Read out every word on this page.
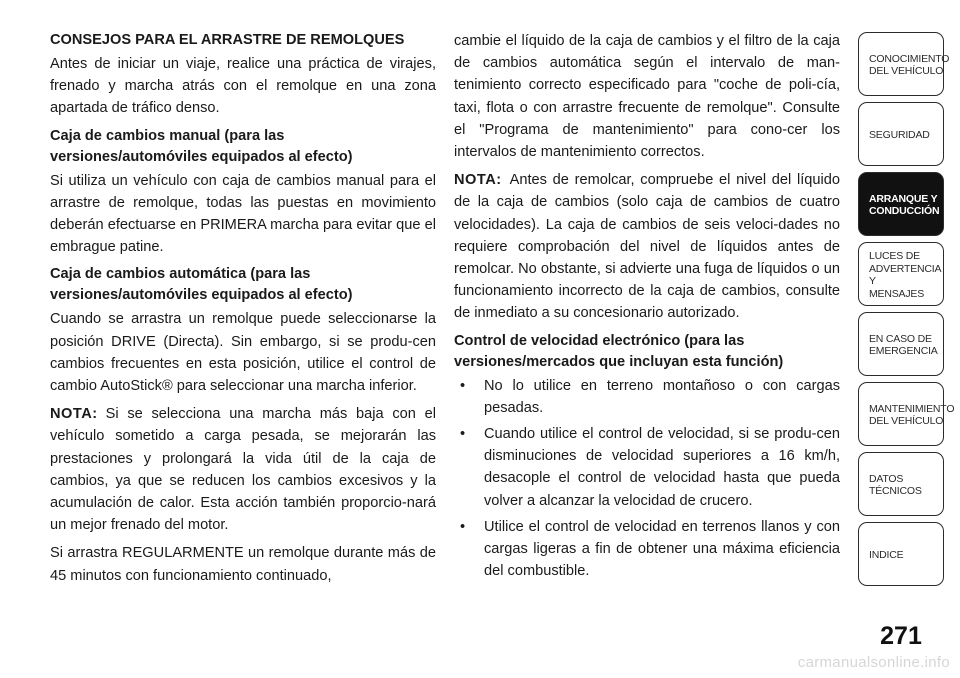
CONSEJOS PARA EL ARRASTRE DE REMOLQUES

Antes de iniciar un viaje, realice una práctica de virajes, frenado y marcha atrás con el remolque en una zona apartada de tráfico denso.

Caja de cambios manual (para las versiones/automóviles equipados al efecto)

Si utiliza un vehículo con caja de cambios manual para el arrastre de remolque, todas las puestas en movimiento deberán efectuarse en PRIMERA marcha para evitar que el embrague patine.

Caja de cambios automática (para las versiones/automóviles equipados al efecto)

Cuando se arrastra un remolque puede seleccionarse la posición DRIVE (Directa). Sin embargo, si se produ-cen cambios frecuentes en esta posición, utilice el control de cambio AutoStick® para seleccionar una marcha inferior.

NOTA: Si se selecciona una marcha más baja con el vehículo sometido a carga pesada, se mejorarán las prestaciones y prolongará la vida útil de la caja de cambios, ya que se reducen los cambios excesivos y la acumulación de calor. Esta acción también proporcio-nará un mejor frenado del motor.

Si arrastra REGULARMENTE un remolque durante más de 45 minutos con funcionamiento continuado,

cambie el líquido de la caja de cambios y el filtro de la caja de cambios automática según el intervalo de man-tenimiento correcto especificado para "coche de poli-cía, taxi, flota o con arrastre frecuente de remolque". Consulte el "Programa de mantenimiento" para cono-cer los intervalos de mantenimiento correctos.

NOTA: Antes de remolcar, compruebe el nivel del líquido de la caja de cambios (solo caja de cambios de cuatro velocidades). La caja de cambios de seis veloci-dades no requiere comprobación del nivel de líquidos antes de remolcar. No obstante, si advierte una fuga de líquidos o un funcionamiento incorrecto de la caja de cambios, consulte de inmediato a su concesionario autorizado.

Control de velocidad electrónico (para las versiones/mercados que incluyan esta función)
• No lo utilice en terreno montañoso o con cargas pesadas.
• Cuando utilice el control de velocidad, si se produ-cen disminuciones de velocidad superiores a 16 km/h, desacople el control de velocidad hasta que pueda volver a alcanzar la velocidad de crucero.
• Utilice el control de velocidad en terrenos llanos y con cargas ligeras a fin de obtener una máxima eficiencia del combustible.
CONOCIMIENTO
DEL VEHÍCULO
SEGURIDAD
ARRANQUE Y
CONDUCCIÓN
LUCES DE
ADVERTENCIA Y
MENSAJES
EN CASO DE
EMERGENCIA
MANTENIMIENTO
DEL VEHÍCULO
DATOS
TÉCNICOS
INDICE
271
carmanualsonline.info
